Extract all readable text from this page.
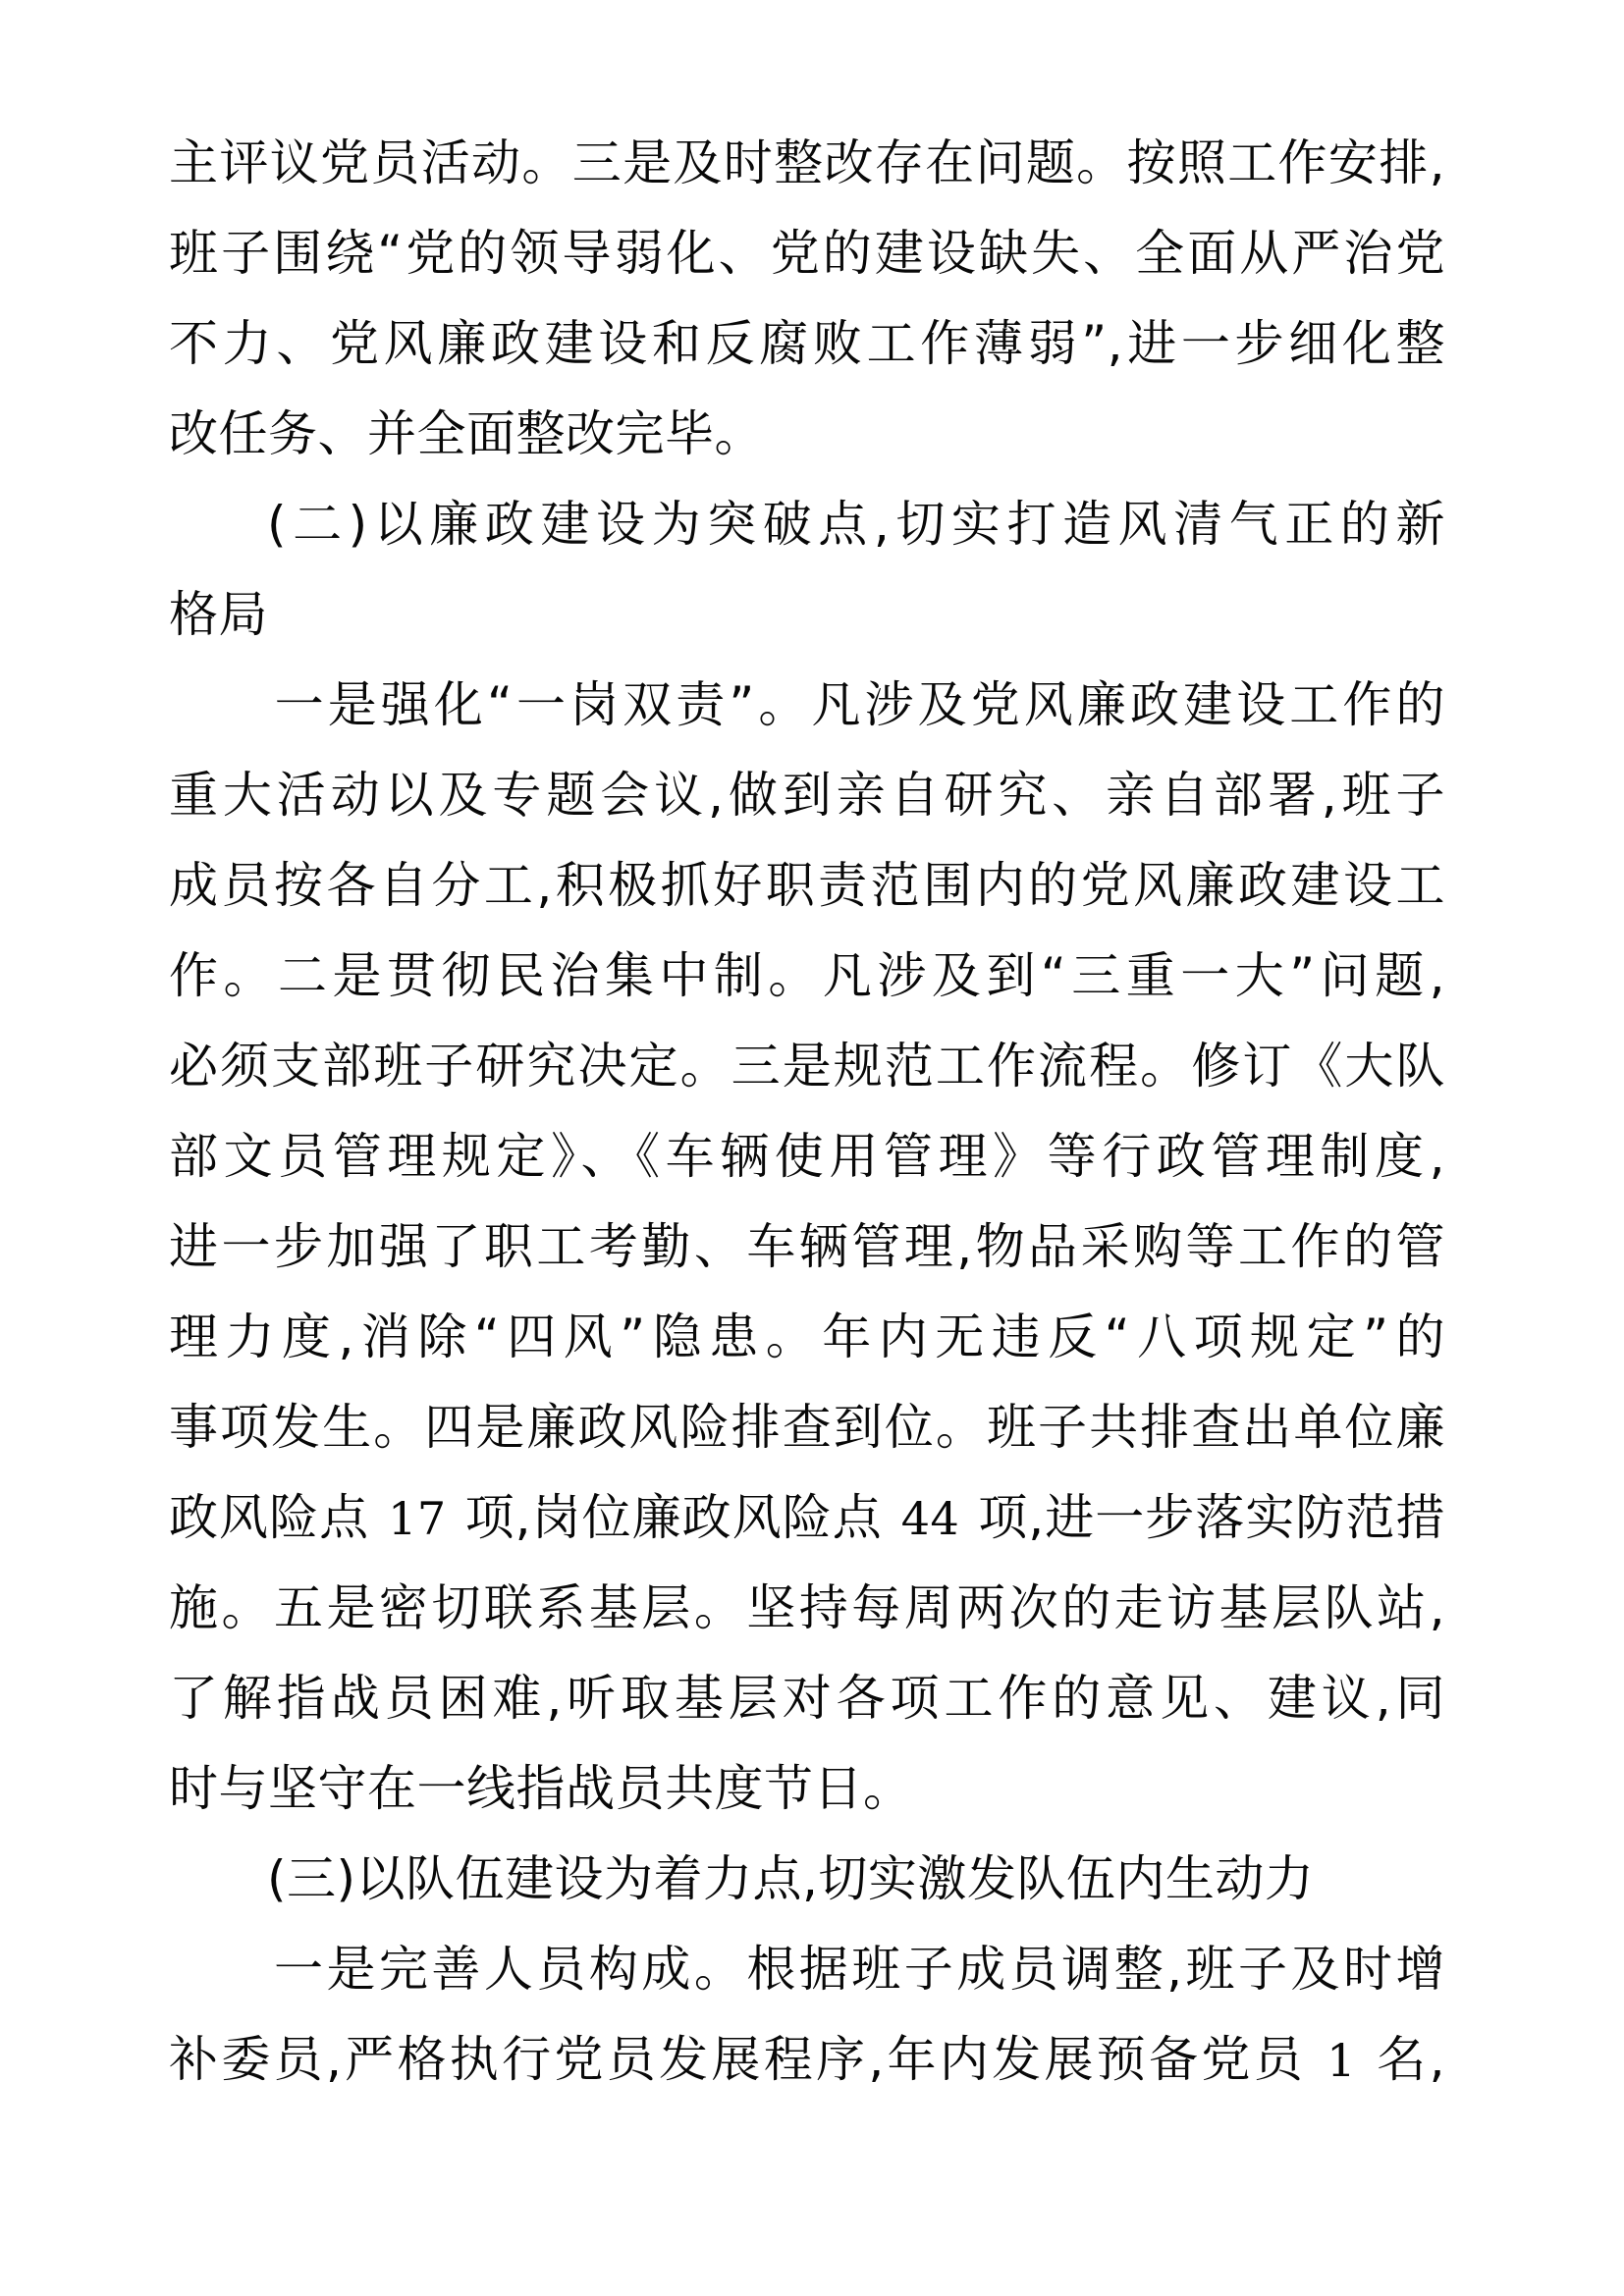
主评议党员活动。三是及时整改存在问题。按照工作安排,
班子围绕“党的领导弱化、党的建设缺失、全面从严治党
不力、党风廉政建设和反腐败工作薄弱”,进一步细化整
改任务、并全面整改完毕。
(二)以廉政建设为突破点,切实打造风清气正的新
格局
一是强化“一岗双责”。凡涉及党风廉政建设工作的
重大活动以及专题会议,做到亲自研究、亲自部署,班子
成员按各自分工,积极抓好职责范围内的党风廉政建设工
作。二是贯彻民治集中制。凡涉及到“三重一大”问题,
必须支部班子研究决定。三是规范工作流程。修订《大队
部文员管理规定》、《车辆使用管理》等行政管理制度,
进一步加强了职工考勤、车辆管理,物品采购等工作的管
理力度,消除“四风”隐患。年内无违反“八项规定”的
事项发生。四是廉政风险排查到位。班子共排查出单位廉
政风险点 17 项,岗位廉政风险点 44 项,进一步落实防范措
施。五是密切联系基层。坚持每周两次的走访基层队站,
了解指战员困难,听取基层对各项工作的意见、建议,同
时与坚守在一线指战员共度节日。
(三)以队伍建设为着力点,切实激发队伍内生动力
一是完善人员构成。根据班子成员调整,班子及时增
补委员,严格执行党员发展程序,年内发展预备党员 1 名,
